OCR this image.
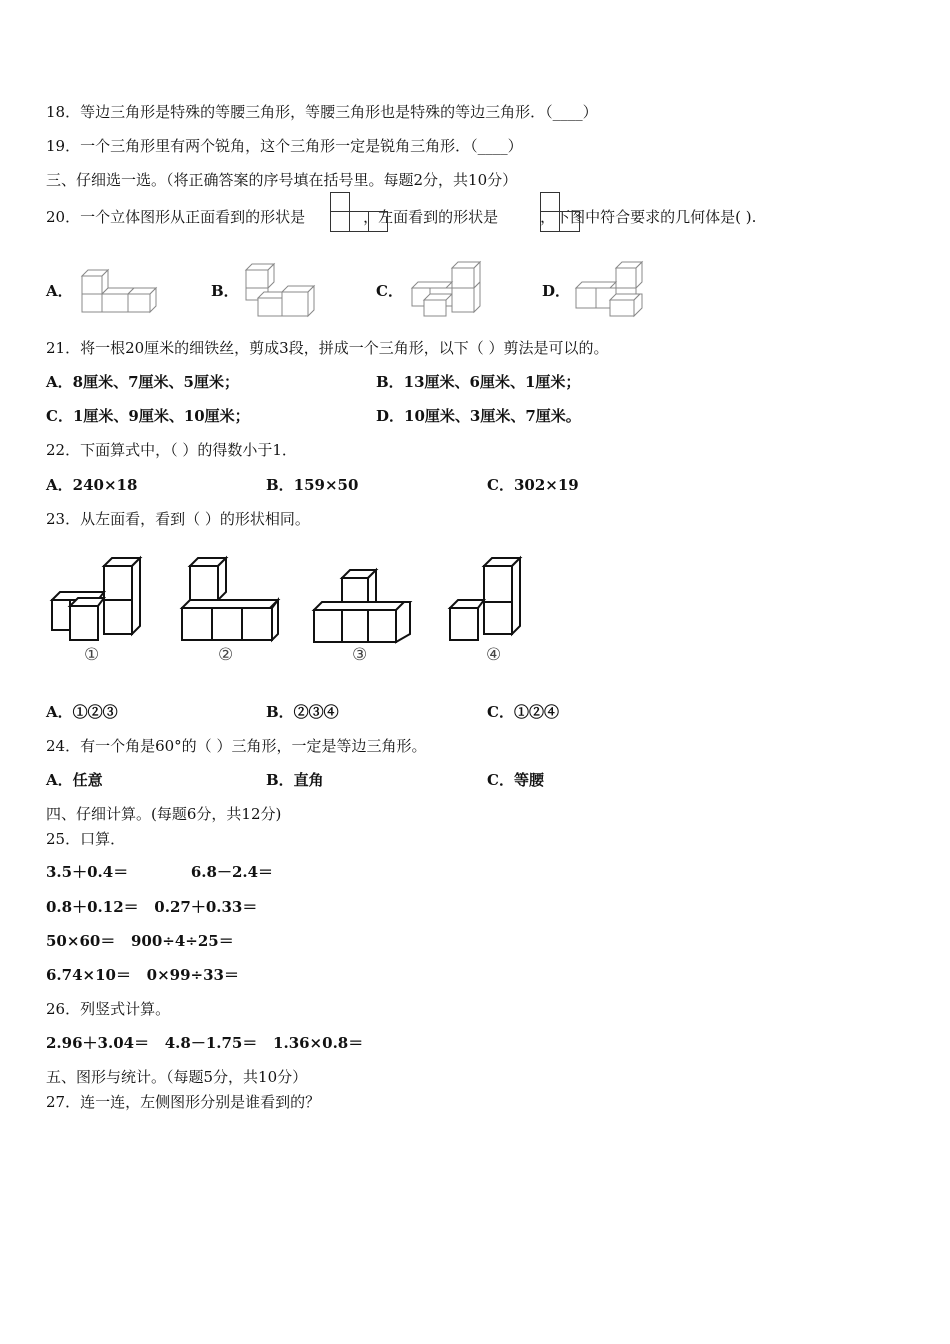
18．等边三角形是特殊的等腰三角形，等腰三角形也是特殊的等边三角形．（____）
19．一个三角形里有两个锐角，这个三角形一定是锐角三角形．（____）
三、仔细选一选。（将正确答案的序号填在括号里。每题2分，共10分）
20．一个立体图形从正面看到的形状是	，左面看到的形状是	，下图中符合要求的几何体是( ).
A．	B．	C．	D．
21．将一根20厘米的细铁丝，剪成3段，拼成一个三角形，以下（ ）剪法是可以的。
A．8厘米、7厘米、5厘米；	B．13厘米、6厘米、1厘米；
C．1厘米、9厘米、10厘米；	D．10厘米、3厘米、7厘米。
22．下面算式中，（ ）的得数小于1．
A．240×18	B．159×50	C．302×19
23．从左面看，看到（ ）的形状相同。
①	②	③	④
A．①②③	B．②③④	C．①②④
24．有一个角是60°的（ ）三角形，一定是等边三角形。
A．任意	B．直角	C．等腰
四、仔细计算。(每题6分，共12分)
25．口算．
3.5＋0.4＝            6.8－2.4＝
0.8＋0.12＝   0.27＋0.33＝
50×60＝   900÷4÷25＝
6.74×10＝   0×99÷33＝
26．列竖式计算。
2.96＋3.04＝   4.8－1.75＝   1.36×0.8＝
五、图形与统计。（每题5分，共10分）
27．连一连，左侧图形分别是谁看到的？
